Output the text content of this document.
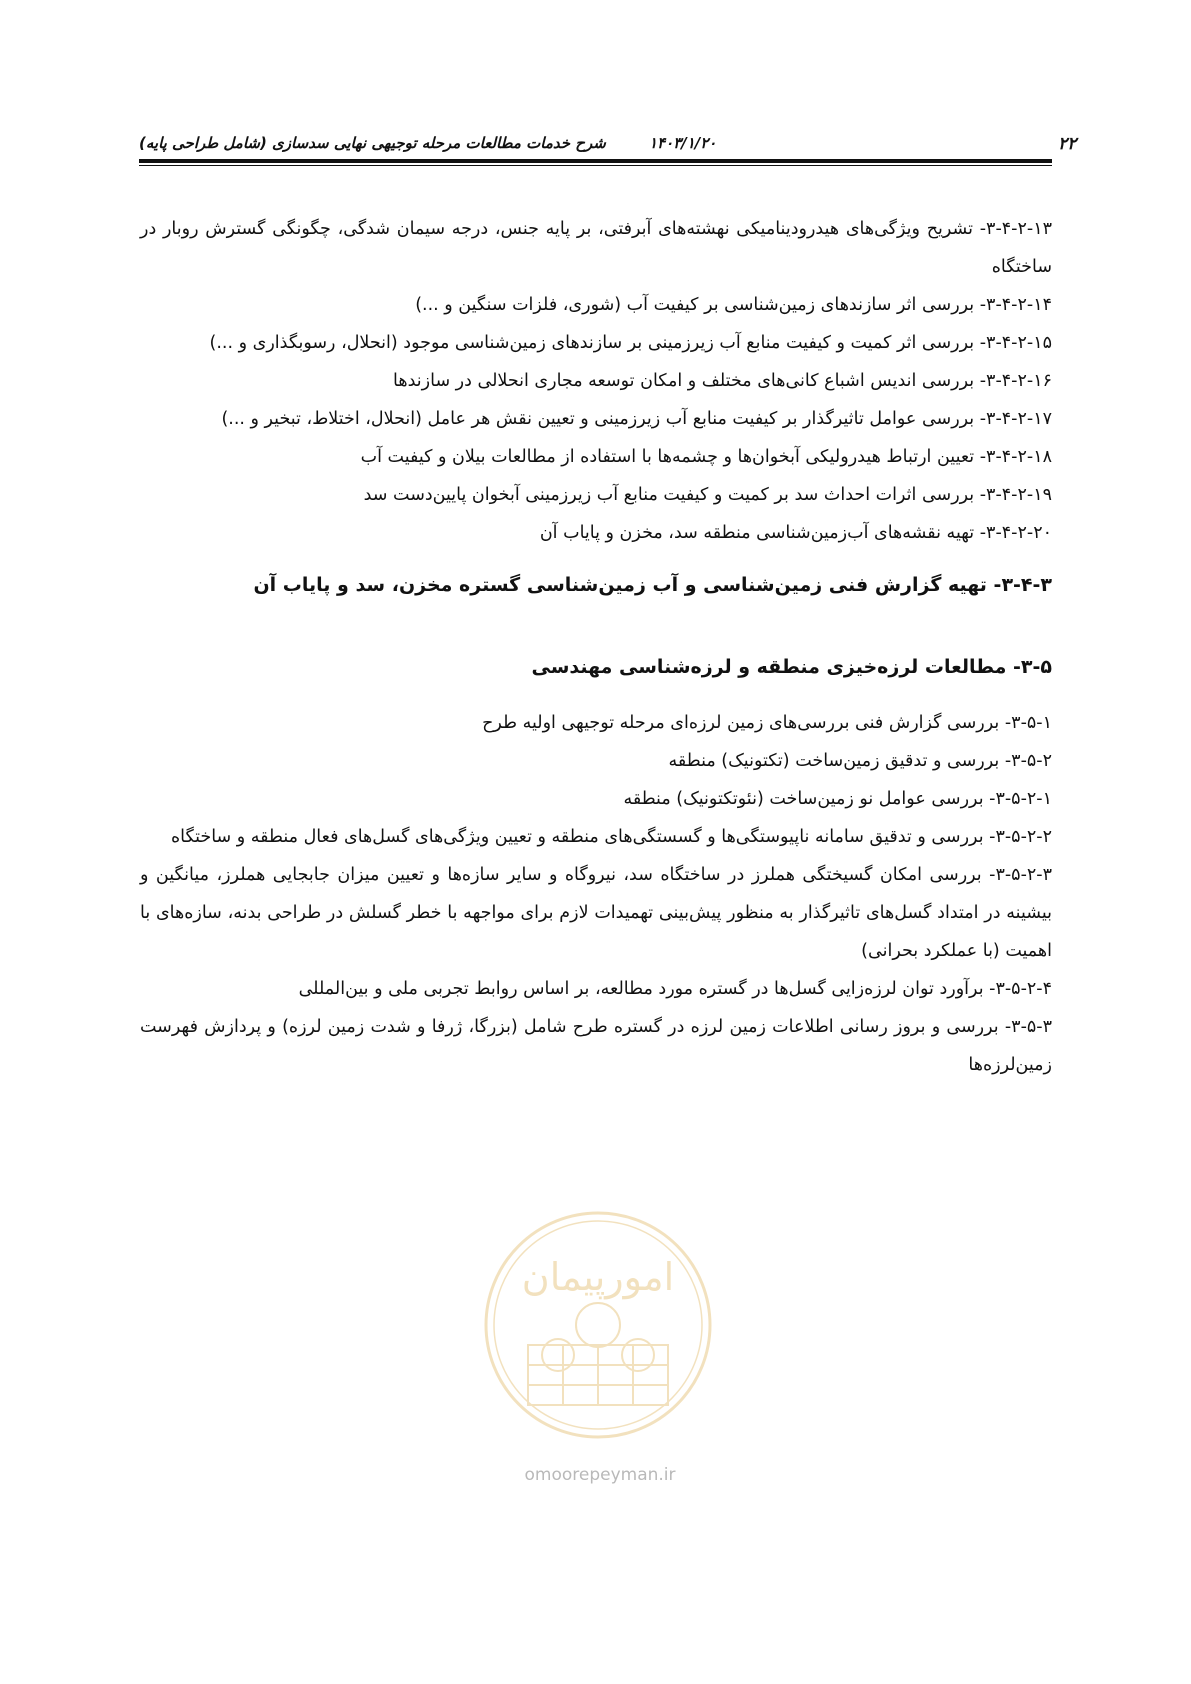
۲۲
۱۴۰۳/۱/۲۰
شرح خدمات مطالعات مرحله توجیهی نهایی سدسازی (شامل طراحی پایه)

۳-۴-۲-۱۳- تشریح ویژگی‌های هیدرودینامیکی نهشته‌های آبرفتی، بر پایه جنس، درجه سیمان شدگی، چگونگی گسترش روبار در ساختگاه

۳-۴-۲-۱۴- بررسی اثر سازندهای زمین‌شناسی بر کیفیت آب (شوری، فلزات سنگین و ...)

۳-۴-۲-۱۵- بررسی اثر کمیت و کیفیت منابع آب زیرزمینی بر سازندهای زمین‌شناسی موجود (انحلال، رسوبگذاری و ...)

۳-۴-۲-۱۶- بررسی اندیس اشباع کانی‌های مختلف و امکان توسعه مجاری انحلالی در سازندها

۳-۴-۲-۱۷- بررسی عوامل تاثیرگذار بر کیفیت منابع آب زیرزمینی و تعیین نقش هر عامل (انحلال، اختلاط، تبخیر و ...)

۳-۴-۲-۱۸- تعیین ارتباط هیدرولیکی آبخوان‌ها و چشمه‌ها با استفاده از مطالعات بیلان و کیفیت آب

۳-۴-۲-۱۹- بررسی اثرات احداث سد بر کمیت و کیفیت منابع آب زیرزمینی آبخوان پایین‌دست سد

۳-۴-۲-۲۰- تهیه نقشه‌های آب‌زمین‌شناسی منطقه سد، مخزن و پایاب آن

۳-۴-۳- تهیه گزارش فنی زمین‌شناسی و آب زمین‌شناسی گستره مخزن، سد و پایاب آن

۳-۵- مطالعات لرزه‌خیزی منطقه و لرزه‌شناسی مهندسی

۳-۵-۱- بررسی گزارش فنی بررسی‌های زمین لرزه‌ای مرحله توجیهی اولیه طرح

۳-۵-۲- بررسی و تدقیق زمین‌ساخت (تکتونیک) منطقه

۳-۵-۲-۱- بررسی عوامل نو زمین‌ساخت (نئوتکتونیک) منطقه

۳-۵-۲-۲- بررسی و تدقیق سامانه ناپیوستگی‌ها و گسستگی‌های منطقه و تعیین ویژگی‌های گسل‌های فعال منطقه و ساختگاه

۳-۵-۲-۳- بررسی امکان گسیختگی هملرز در ساختگاه سد، نیروگاه و سایر سازه‌ها و تعیین میزان جابجایی هملرز، میانگین و بیشینه در امتداد گسل‌های تاثیرگذار به منظور پیش‌بینی تهمیدات لازم برای مواجهه با خطر گسلش در طراحی بدنه، سازه‌های با اهمیت (با عملکرد بحرانی)

۳-۵-۲-۴- برآورد توان لرزه‌زایی گسل‌ها در گستره مورد مطالعه، بر اساس روابط تجربی ملی و بین‌المللی

۳-۵-۳- بررسی و بروز رسانی اطلاعات زمین لرزه در گستره طرح شامل (بزرگا، ژرفا و شدت زمین لرزه) و پردازش فهرست زمین‌لرزه‌ها

امورپیمان
omoorepeyman.ir
